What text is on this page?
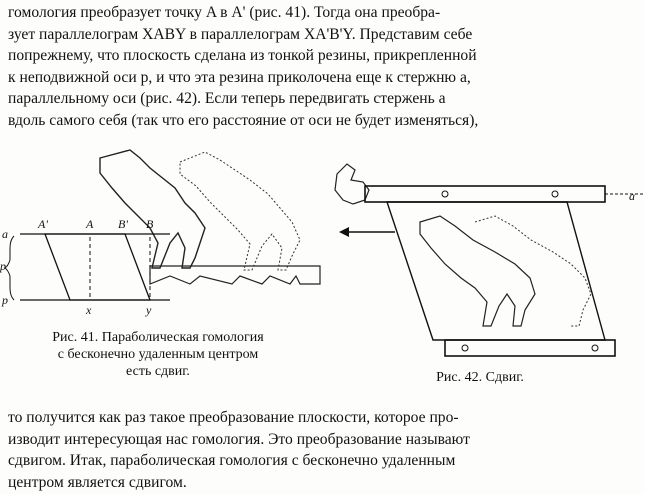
гомология преобразует точку A в A' (рис. 41). Тогда она преобра-
зует параллелограм XABY в параллелограм XA'B'Y. Представим себе
попрежнему, что плоскость сделана из тонкой резины, прикрепленной
к неподвижной оси p, и что эта резина приколочена еще к стержню a,
параллельному оси (рис. 42). Если теперь передвигать стержень a
вдоль самого себя (так что его расстояние от оси не будет изменяться),
A'	A B' B
a
p
p
x	y
Рис. 41. Параболическая гомология
с бесконечно удаленным центром
есть сдвиг.
a
Рис. 42. Сдвиг.
то получится как раз такое преобразование плоскости, которое про-
изводит интересующая нас гомология. Это преобразование называют
сдвигом. Итак, параболическая гомология с бесконечно удаленным
центром является сдвигом.
